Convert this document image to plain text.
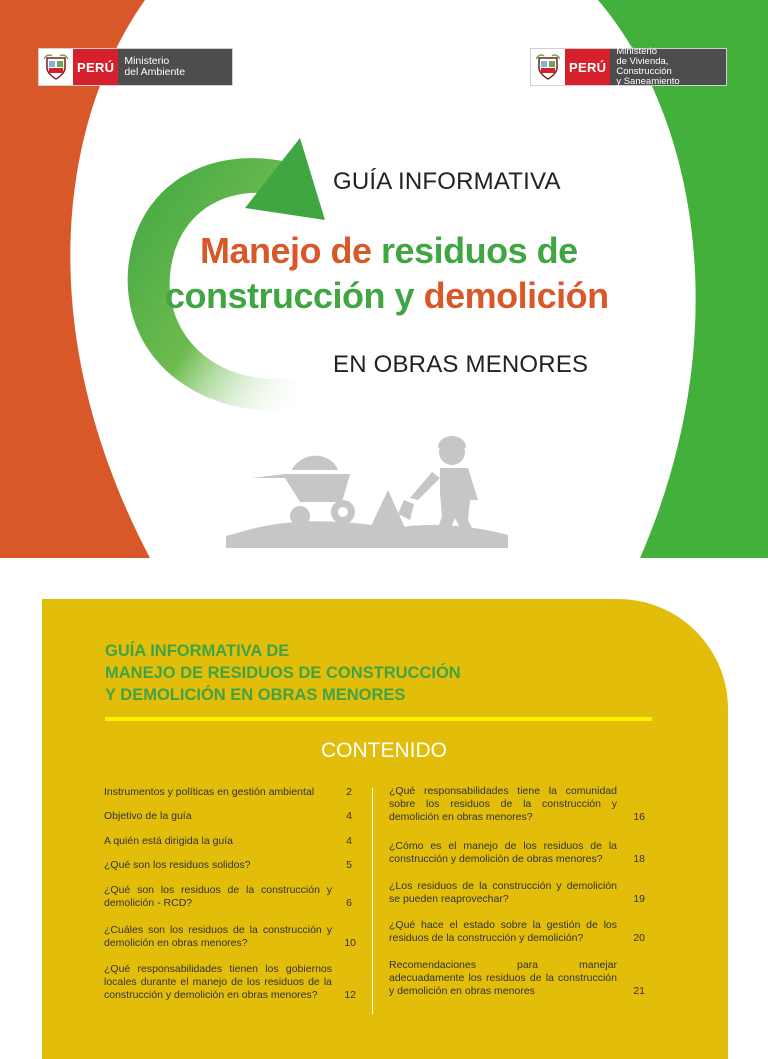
PERÚ Ministerio
del Ambiente	PERÚ
Ministerio
de Vivienda, Construcción
y Saneamiento
GUÍA INFORMATIVA
Manejo de residuos de
construcción y demolición
EN OBRAS MENORES
GUÍA INFORMATIVA DE
MANEJO DE RESIDUOS DE CONSTRUCCIÓN
Y DEMOLICIÓN EN OBRAS MENORES
CONTENIDO
Instrumentos y políticas en gestión ambiental	2
Objetivo de la guía	4
A quién está dirigida la guía	4
¿Qué son los residuos solidos?	5
¿Qué son los residuos de la construcción y demolición - RCD?	6
¿Cuáles son los residuos de la construcción y demolición en obras menores?	10
¿Qué responsabilidades tienen los gobiernos locales durante el manejo de los residuos de la construcción y demolición en obras menores?	12
¿Qué responsabilidades tiene la comunidad sobre los residuos de la construcción y demolición en obras menores?	16
¿Cómo es el manejo de los residuos de la construcción y demolición de obras menores?	18
¿Los residuos de la construcción y demolición se pueden reaprovechar?	19
¿Qué hace el estado sobre la gestión de los residuos de la construcción y demolición?	20
Recomendaciones para manejar adecuadamente los residuos de la construcción y demolición en obras menores	21
